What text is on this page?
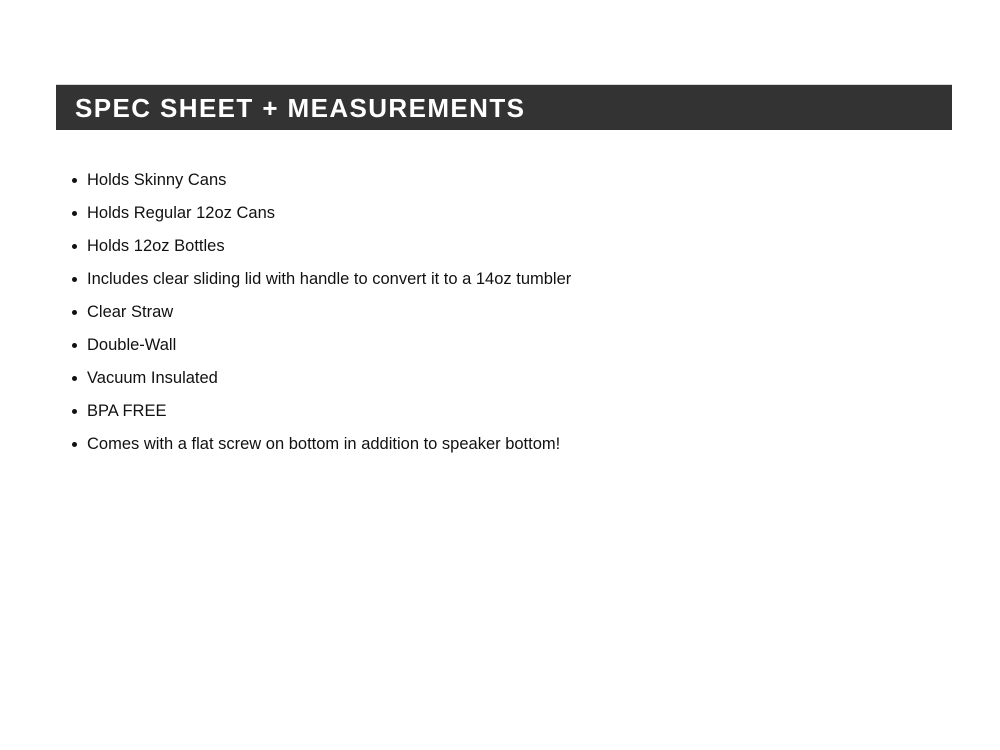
SPEC SHEET + MEASUREMENTS
Holds Skinny Cans
Holds Regular 12oz Cans
Holds 12oz Bottles
Includes clear sliding lid with handle to convert it to a 14oz tumbler
Clear Straw
Double-Wall
Vacuum Insulated
BPA FREE
Comes with a flat screw on bottom in addition to speaker bottom!
